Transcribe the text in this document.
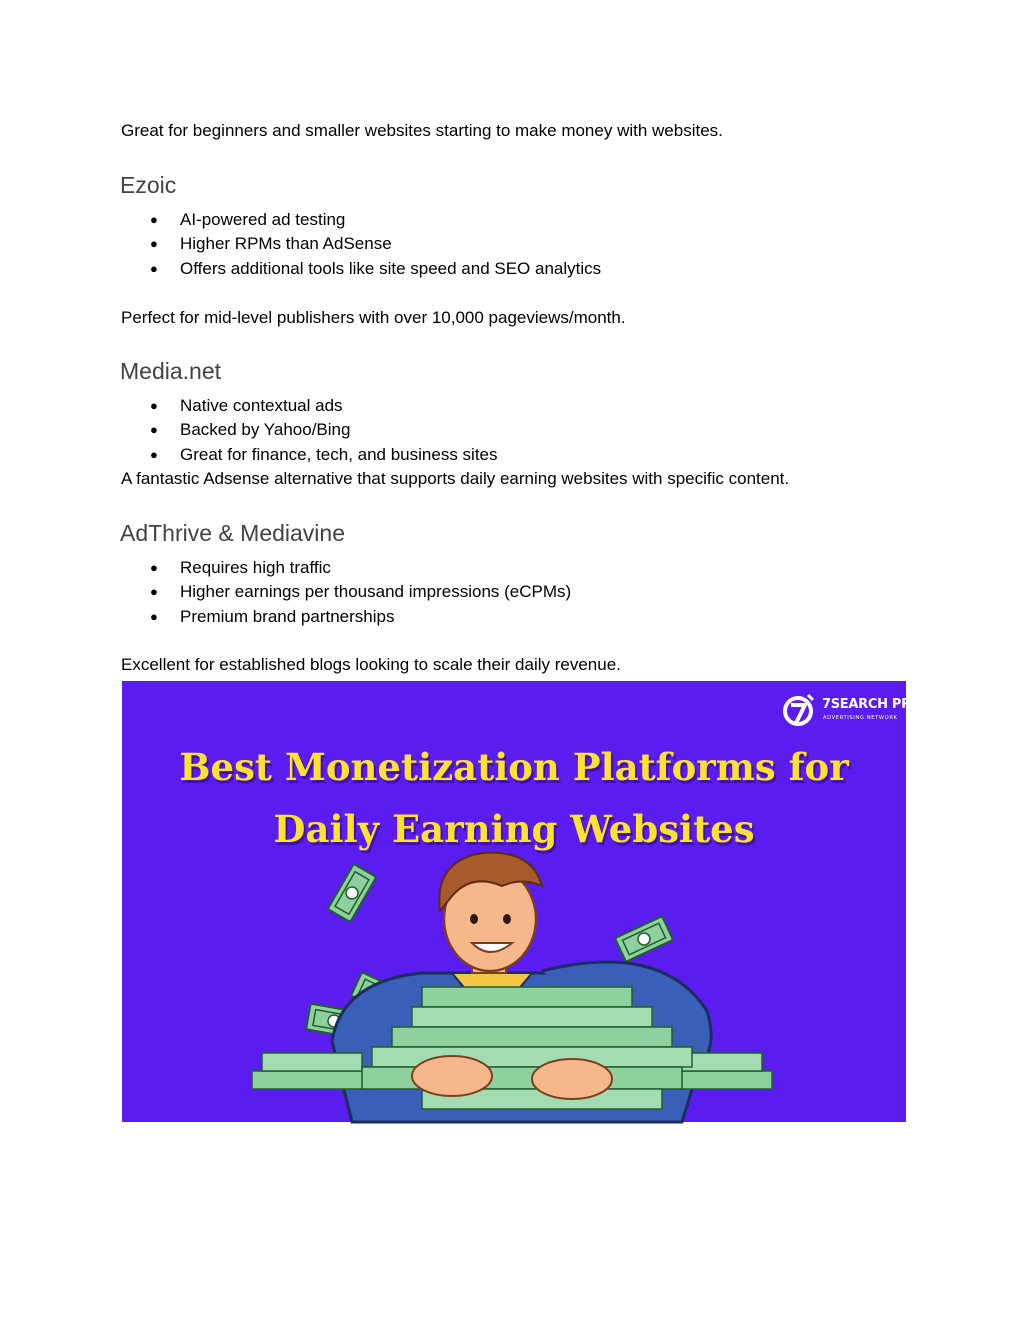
Great for beginners and smaller websites starting to make money with websites.

Ezoic
● AI-powered ad testing
● Higher RPMs than AdSense
● Offers additional tools like site speed and SEO analytics

Perfect for mid-level publishers with over 10,000 pageviews/month.

Media.net
● Native contextual ads
● Backed by Yahoo/Bing
● Great for finance, tech, and business sites

A fantastic Adsense alternative that supports daily earning websites with specific content.

AdThrive & Mediavine
● Requires high traffic
● Higher earnings per thousand impressions (eCPMs)
● Premium brand partnerships

Excellent for established blogs looking to scale their daily revenue.

7SEARCH PPC
ADVERTISING NETWORK
Best Monetization Platforms for
Daily Earning Websites
